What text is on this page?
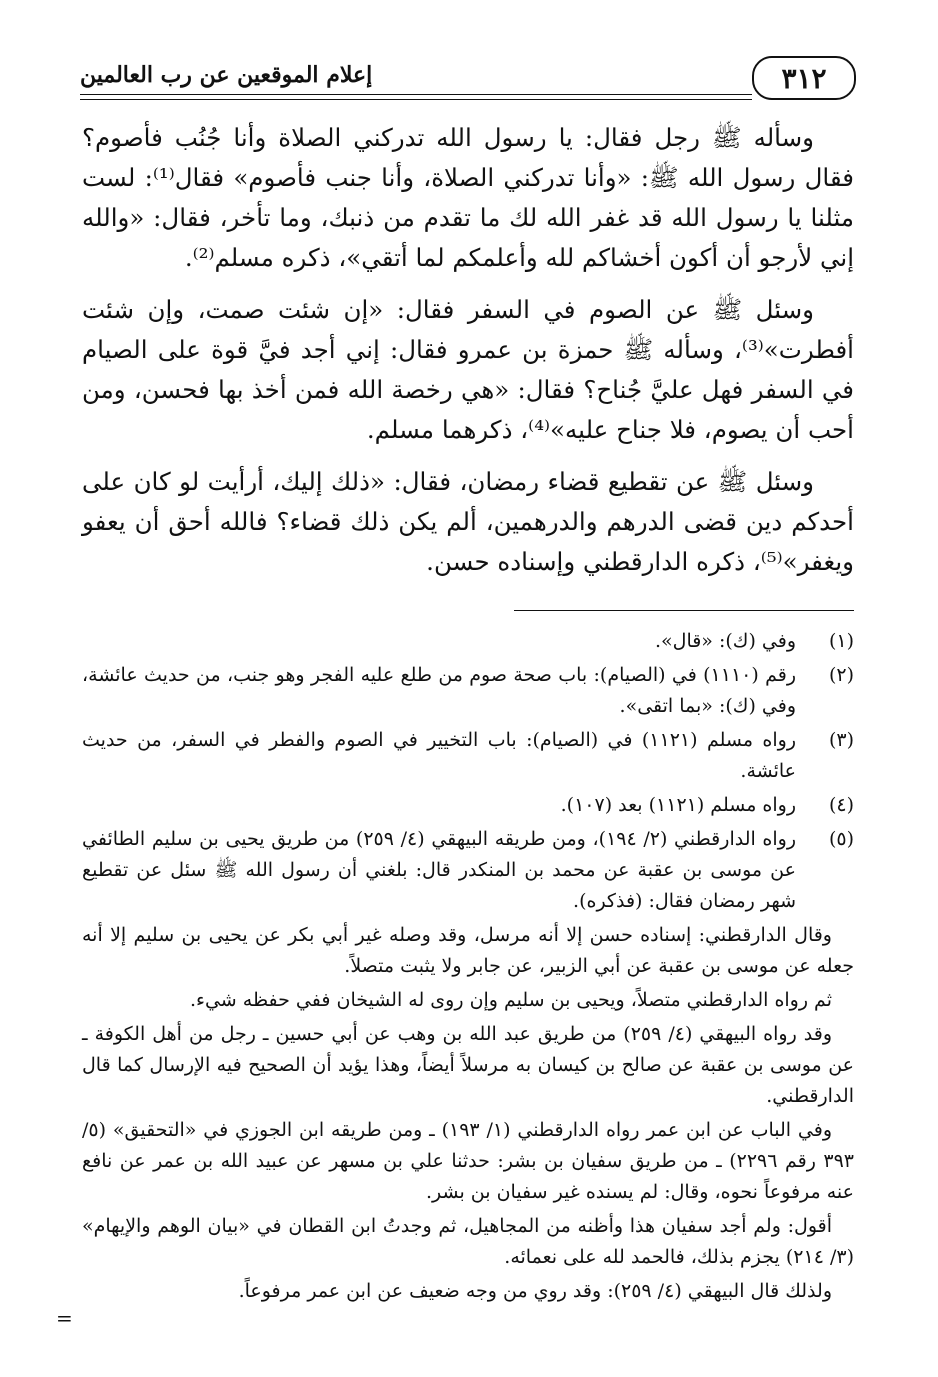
٣١٢
إعلام الموقعين عن رب العالمين

وسأله ﷺ رجل فقال: يا رسول الله تدركني الصلاة وأنا جُنُب فأصوم؟ فقال رسول الله ﷺ: «وأنا تدركني الصلاة، وأنا جنب فأصوم» فقال⁽¹⁾: لست مثلنا يا رسول الله قد غفر الله لك ما تقدم من ذنبك، وما تأخر، فقال: «والله إني لأرجو أن أكون أخشاكم لله وأعلمكم لما أتقي»، ذكره مسلم⁽²⁾.

وسئل ﷺ عن الصوم في السفر فقال: «إن شئت صمت، وإن شئت أفطرت»⁽³⁾، وسأله ﷺ حمزة بن عمرو فقال: إني أجد فيَّ قوة على الصيام في السفر فهل عليَّ جُناح؟ فقال: «هي رخصة الله فمن أخذ بها فحسن، ومن أحب أن يصوم، فلا جناح عليه»⁽⁴⁾، ذكرهما مسلم.

وسئل ﷺ عن تقطيع قضاء رمضان، فقال: «ذلك إليك، أرأيت لو كان على أحدكم دين قضى الدرهم والدرهمين، ألم يكن ذلك قضاء؟ فالله أحق أن يعفو ويغفر»⁽⁵⁾، ذكره الدارقطني وإسناده حسن.

(١)
وفي (ك): «قال».
(٢)
رقم (١١١٠) في (الصيام): باب صحة صوم من طلع عليه الفجر وهو جنب، من حديث عائشة، وفي (ك): «بما اتقى».
(٣)
رواه مسلم (١١٢١) في (الصيام): باب التخيير في الصوم والفطر في السفر، من حديث عائشة.
(٤)
رواه مسلم (١١٢١) بعد (١٠٧).
(٥)
رواه الدارقطني (٢/ ١٩٤)، ومن طريقه البيهقي (٤/ ٢٥٩) من طريق يحيى بن سليم الطائفي عن موسى بن عقبة عن محمد بن المنكدر قال: بلغني أن رسول الله ﷺ سئل عن تقطيع شهر رمضان فقال: (فذكره).

وقال الدارقطني: إسناده حسن إلا أنه مرسل، وقد وصله غير أبي بكر عن يحيى بن سليم إلا أنه جعله عن موسى بن عقبة عن أبي الزبير، عن جابر ولا يثبت متصلاً.

ثم رواه الدارقطني متصلاً، ويحيى بن سليم وإن روى له الشيخان ففي حفظه شيء.

وقد رواه البيهقي (٤/ ٢٥٩) من طريق عبد الله بن وهب عن أبي حسين ـ رجل من أهل الكوفة ـ عن موسى بن عقبة عن صالح بن كيسان به مرسلاً أيضاً، وهذا يؤيد أن الصحيح فيه الإرسال كما قال الدارقطني.

وفي الباب عن ابن عمر رواه الدارقطني (١/ ١٩٣) ـ ومن طريقه ابن الجوزي في «التحقيق» (٥/ ٣٩٣ رقم ٢٢٩٦) ـ من طريق سفيان بن بشر: حدثنا علي بن مسهر عن عبيد الله بن عمر عن نافع عنه مرفوعاً نحوه، وقال: لم يسنده غير سفيان بن بشر.

أقول: ولم أجد سفيان هذا وأظنه من المجاهيل، ثم وجدتُ ابن القطان في «بيان الوهم والإيهام» (٣/ ٢١٤) يجزم بذلك، فالحمد لله على نعمائه.

ولذلك قال البيهقي (٤/ ٢٥٩): وقد روي من وجه ضعيف عن ابن عمر مرفوعاً.

=
